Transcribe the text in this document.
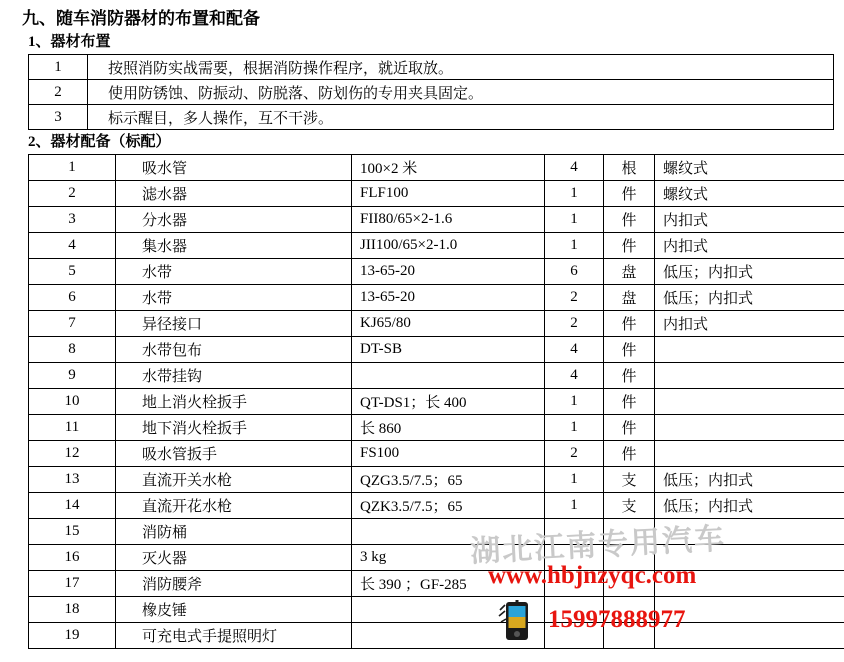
九、随车消防器材的布置和配备
1、器材布置
1	按照消防实战需要，根据消防操作程序，就近取放。
2	使用防锈蚀、防振动、防脱落、防划伤的专用夹具固定。
3	标示醒目，多人操作，互不干涉。
2、器材配备（标配）
1	吸水管	100×2 米	4	根	螺纹式
2	滤水器	FLF100	1	件	螺纹式
3	分水器	FII80/65×2-1.6	1	件	内扣式
4	集水器	JII100/65×2-1.0	1	件	内扣式
5	水带	13-65-20	6	盘	低压；内扣式
6	水带	13-65-20	2	盘	低压；内扣式
7	异径接口	KJ65/80	2	件	内扣式
8	水带包布	DT-SB	4	件	
9	水带挂钩		4	件	
10	地上消火栓扳手	QT-DS1；长 400	1	件	
11	地下消火栓扳手	长 860	1	件	
12	吸水管扳手	FS100	2	件	
13	直流开关水枪	QZG3.5/7.5；65	1	支	低压；内扣式
14	直流开花水枪	QZK3.5/7.5；65	1	支	低压；内扣式
15	消防桶				
16	灭火器	3 kg			
17	消防腰斧	长 390 ；GF-285			
18	橡皮锤				
19	可充电式手提照明灯				
湖北江南专用汽车
www.hbjnzyqc.com
15997888977
